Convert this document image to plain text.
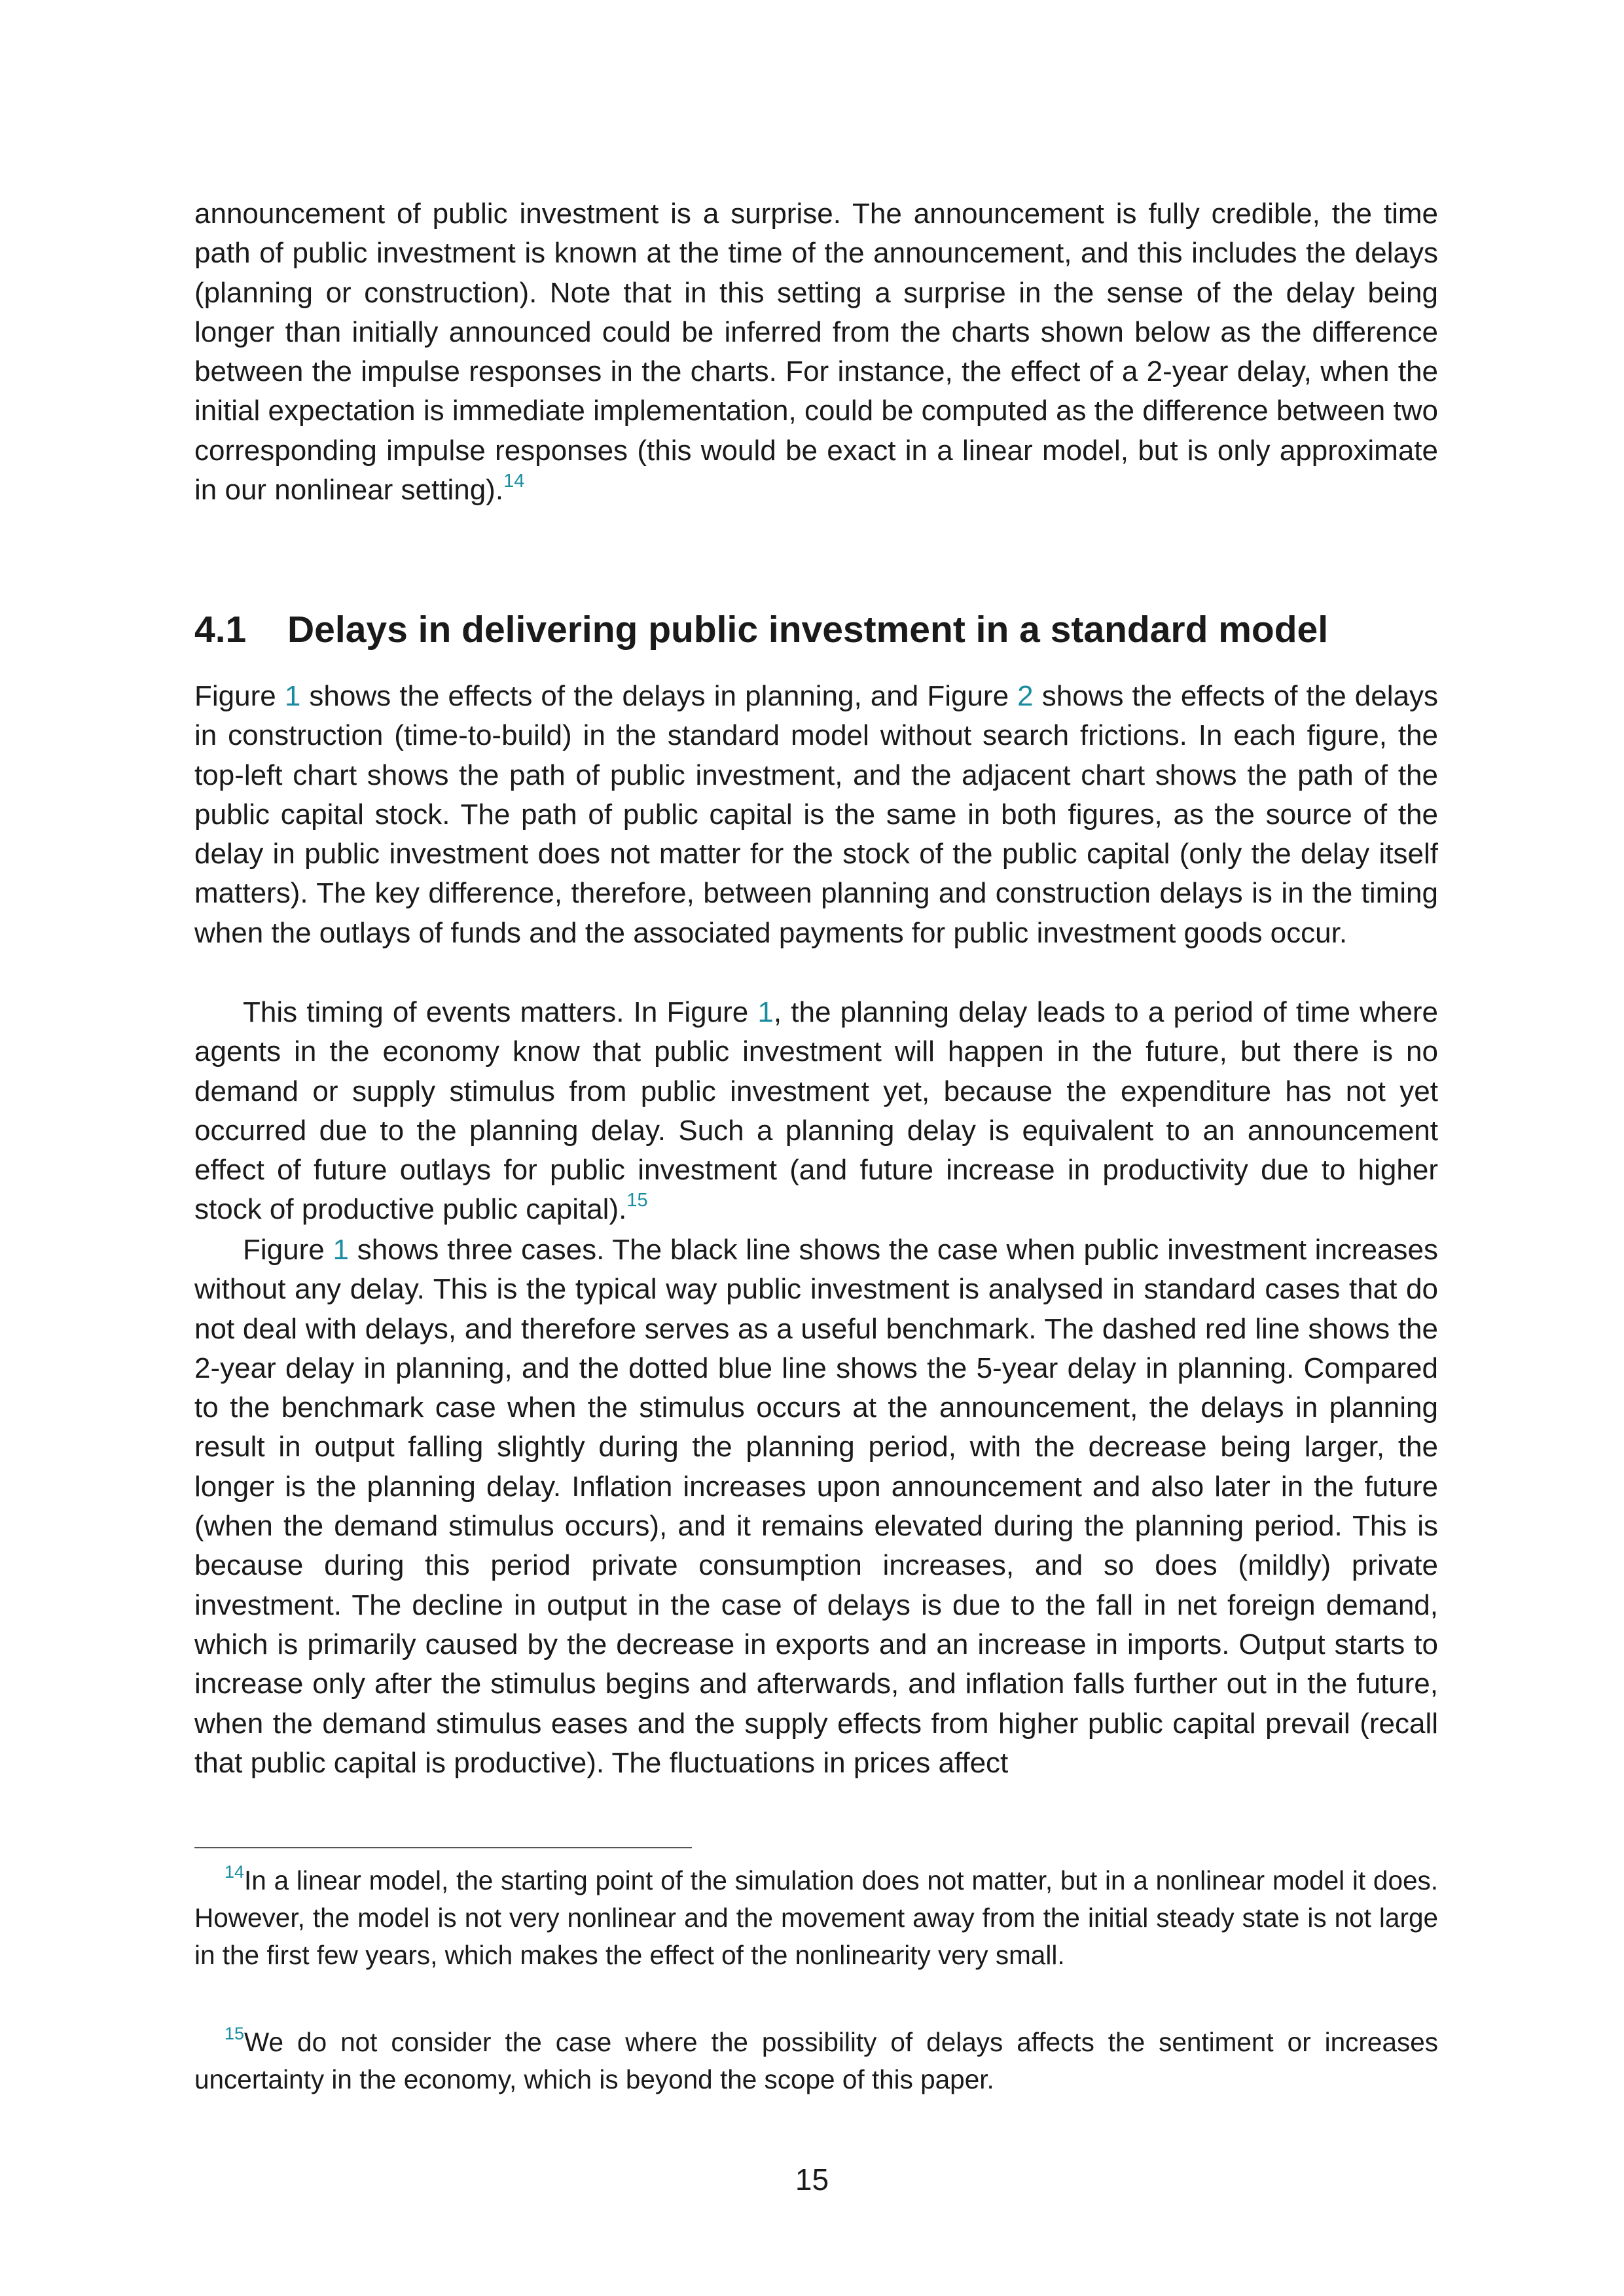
announcement of public investment is a surprise. The announcement is fully credible, the time path of public investment is known at the time of the announcement, and this includes the delays (planning or construction). Note that in this setting a surprise in the sense of the delay being longer than initially announced could be inferred from the charts shown below as the difference between the impulse responses in the charts. For instance, the effect of a 2-year delay, when the initial expectation is immediate implementation, could be computed as the difference between two corresponding impulse responses (this would be exact in a linear model, but is only approximate in our nonlinear setting).$^{14}$

4.1 Delays in delivering public investment in a standard model

Figure 1 shows the effects of the delays in planning, and Figure 2 shows the effects of the delays in construction (time-to-build) in the standard model without search frictions. In each figure, the top-left chart shows the path of public investment, and the adjacent chart shows the path of the public capital stock. The path of public capital is the same in both figures, as the source of the delay in public investment does not matter for the stock of the public capital (only the delay itself matters). The key difference, therefore, between planning and construction delays is in the timing when the outlays of funds and the associated payments for public investment goods occur.

This timing of events matters. In Figure 1, the planning delay leads to a period of time where agents in the economy know that public investment will happen in the future, but there is no demand or supply stimulus from public investment yet, because the expenditure has not yet occurred due to the planning delay. Such a planning delay is equivalent to an announcement effect of future outlays for public investment (and future increase in productivity due to higher stock of productive public capital).$^{15}$

Figure 1 shows three cases. The black line shows the case when public investment increases without any delay. This is the typical way public investment is analysed in standard cases that do not deal with delays, and therefore serves as a useful benchmark. The dashed red line shows the 2-year delay in planning, and the dotted blue line shows the 5-year delay in planning. Compared to the benchmark case when the stimulus occurs at the announcement, the delays in planning result in output falling slightly during the planning period, with the decrease being larger, the longer is the planning delay. Inflation increases upon announcement and also later in the future (when the demand stimulus occurs), and it remains elevated during the planning period. This is because during this period private consumption increases, and so does (mildly) private investment. The decline in output in the case of delays is due to the fall in net foreign demand, which is primarily caused by the decrease in exports and an increase in imports. Output starts to increase only after the stimulus begins and afterwards, and inflation falls further out in the future, when the demand stimulus eases and the supply effects from higher public capital prevail (recall that public capital is productive). The fluctuations in prices affect

$^{14}$In a linear model, the starting point of the simulation does not matter, but in a nonlinear model it does. However, the model is not very nonlinear and the movement away from the initial steady state is not large in the first few years, which makes the effect of the nonlinearity very small.

$^{15}$We do not consider the case where the possibility of delays affects the sentiment or increases uncertainty in the economy, which is beyond the scope of this paper.

15
